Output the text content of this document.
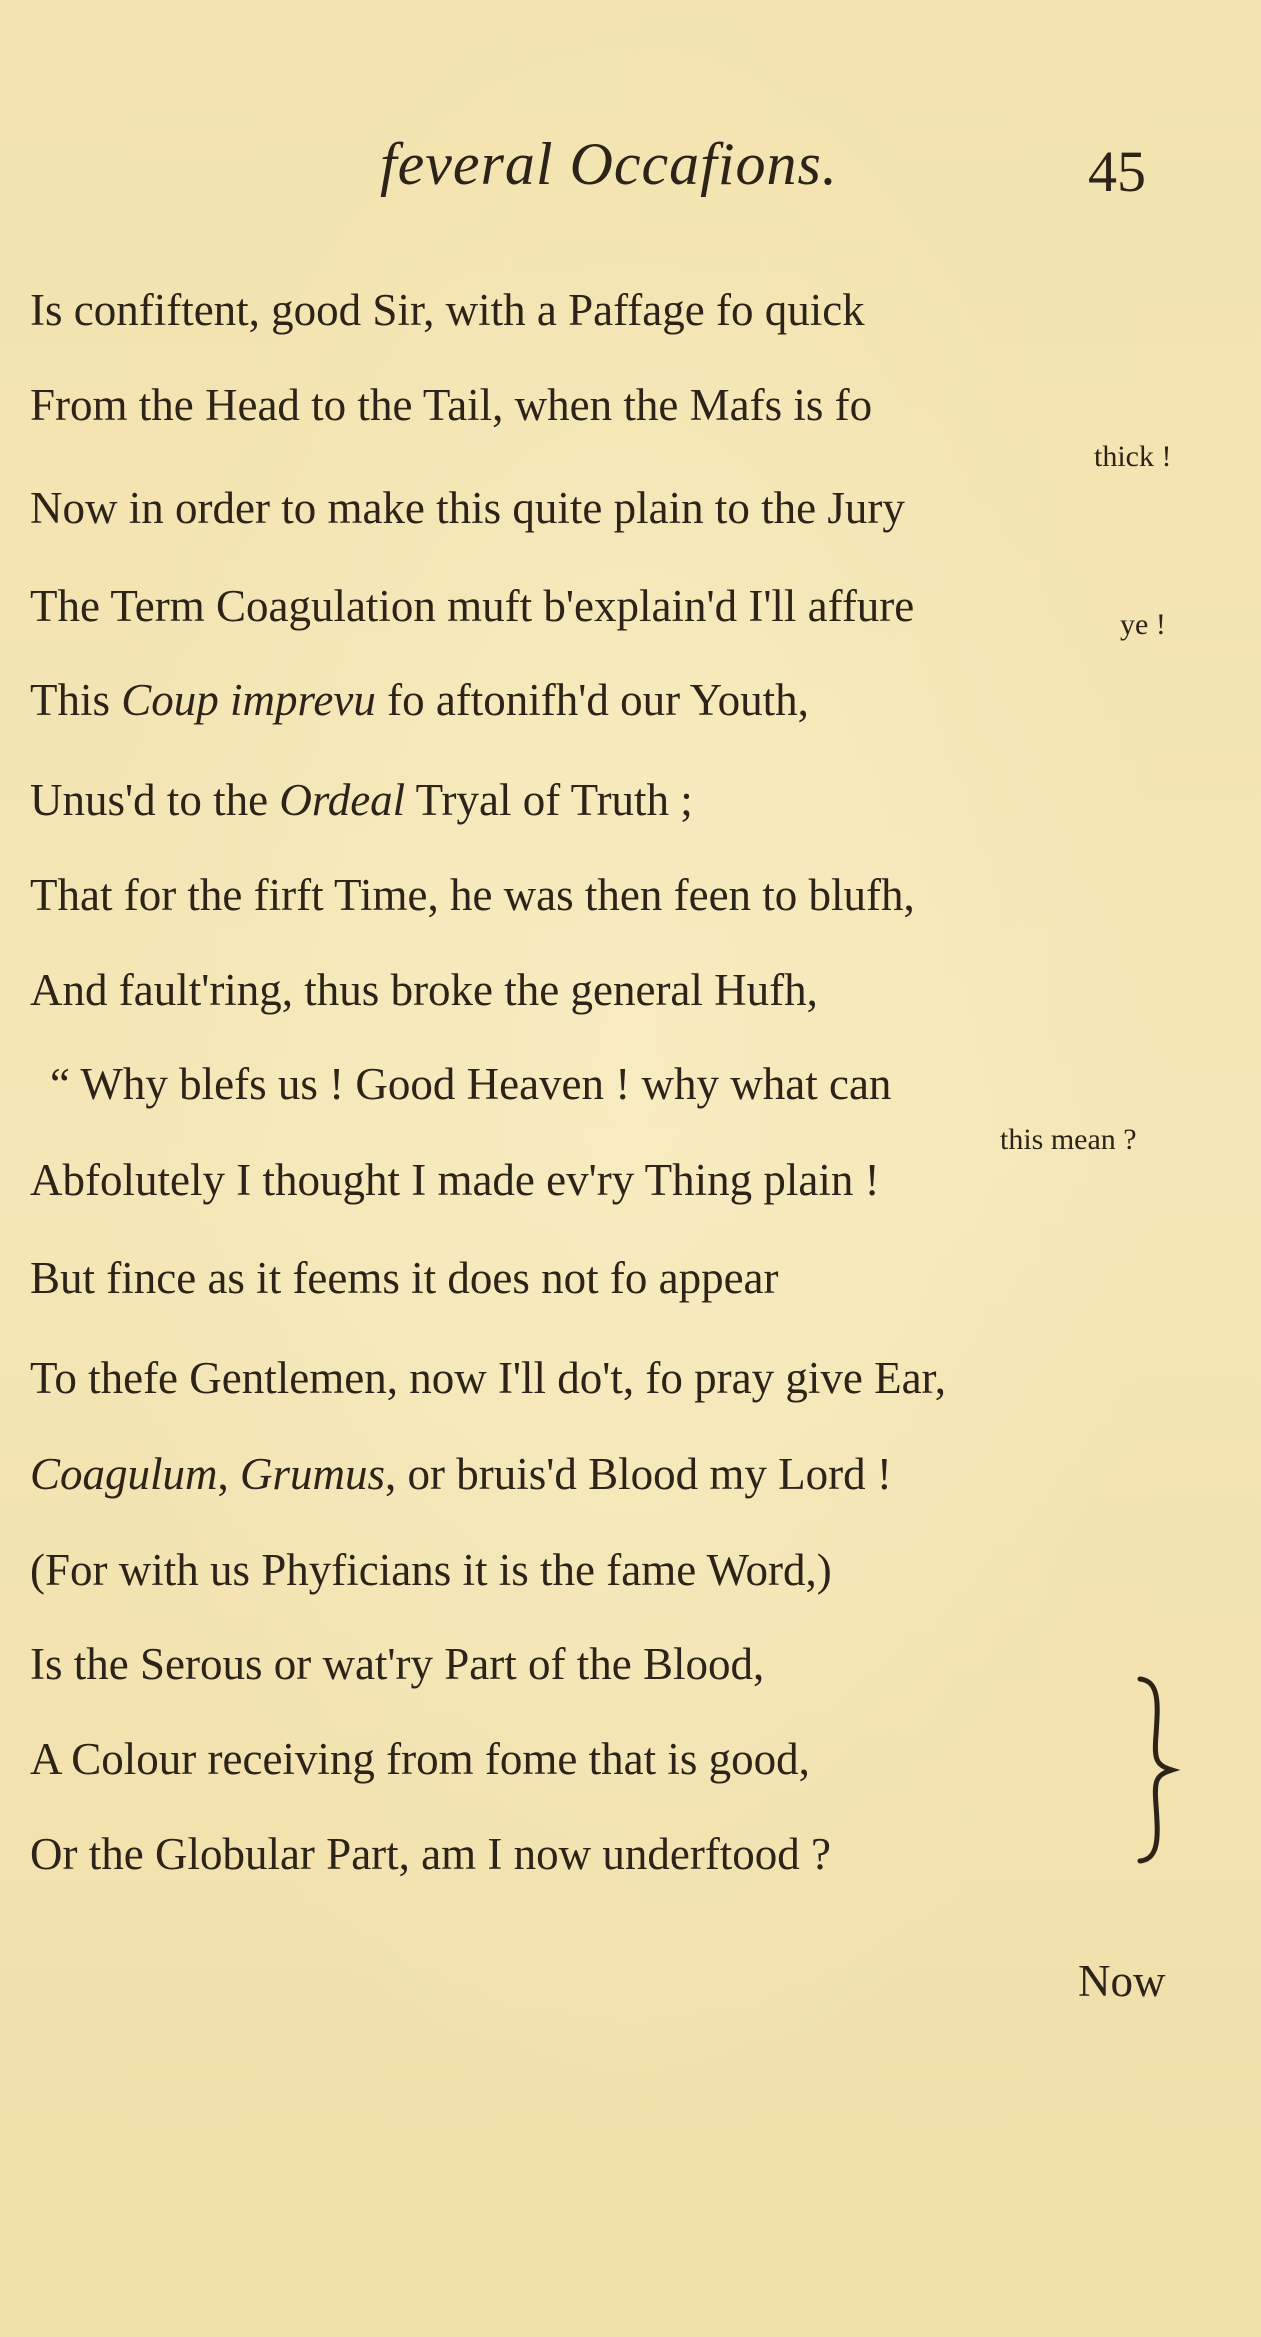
feveral Occafions.	45
Is confiftent, good Sir, with a Paffage fo quick
From the Head to the Tail, when the Mafs is fo
thick !
Now in order to make this quite plain to the Jury
The Term Coagulation muft b'explain'd I'll affure	ye !
This Coup imprevu fo aftonifh'd our Youth,
Unus'd to the Ordeal Tryal of Truth ;
That for the firft Time, he was then feen to blufh,
And fault'ring, thus broke the general Hufh,
“ Why blefs us ! Good Heaven ! why what can
this mean ?
Abfolutely I thought I made ev'ry Thing plain !
But fince as it feems it does not fo appear
To thefe Gentlemen, now I'll do't, fo pray give Ear,
Coagulum, Grumus, or bruis'd Blood my Lord !
(For with us Phyficians it is the fame Word,)
Is the Serous or wat'ry Part of the Blood,
A Colour receiving from fome that is good,
Or the Globular Part, am I now underftood ?
Now
